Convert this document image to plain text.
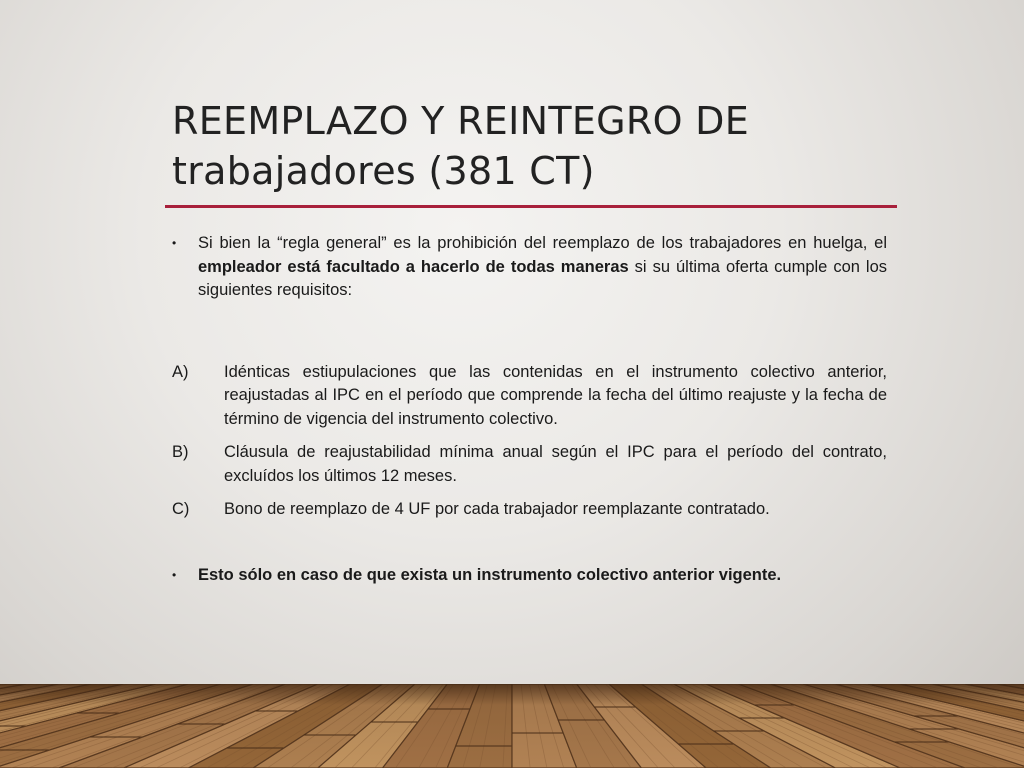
REEMPLAZO Y REINTEGRO DE
trabajadores (381 CT)
•	Si bien la “regla general” es la prohibición del reemplazo de los trabajadores en huelga, el empleador está facultado a hacerlo de todas maneras si su última oferta cumple con los siguientes requisitos:
A)	Idénticas estiupulaciones que las contenidas en el instrumento colectivo anterior, reajustadas al IPC en el período que comprende la fecha del último reajuste y la fecha de término de vigencia del instrumento colectivo.
B)	Cláusula de reajustabilidad mínima anual según el IPC para el período del contrato, excluídos los últimos 12 meses.
C)	Bono de reemplazo de 4 UF por cada trabajador reemplazante contratado.
•	Esto sólo en caso de que exista un instrumento colectivo anterior vigente.
